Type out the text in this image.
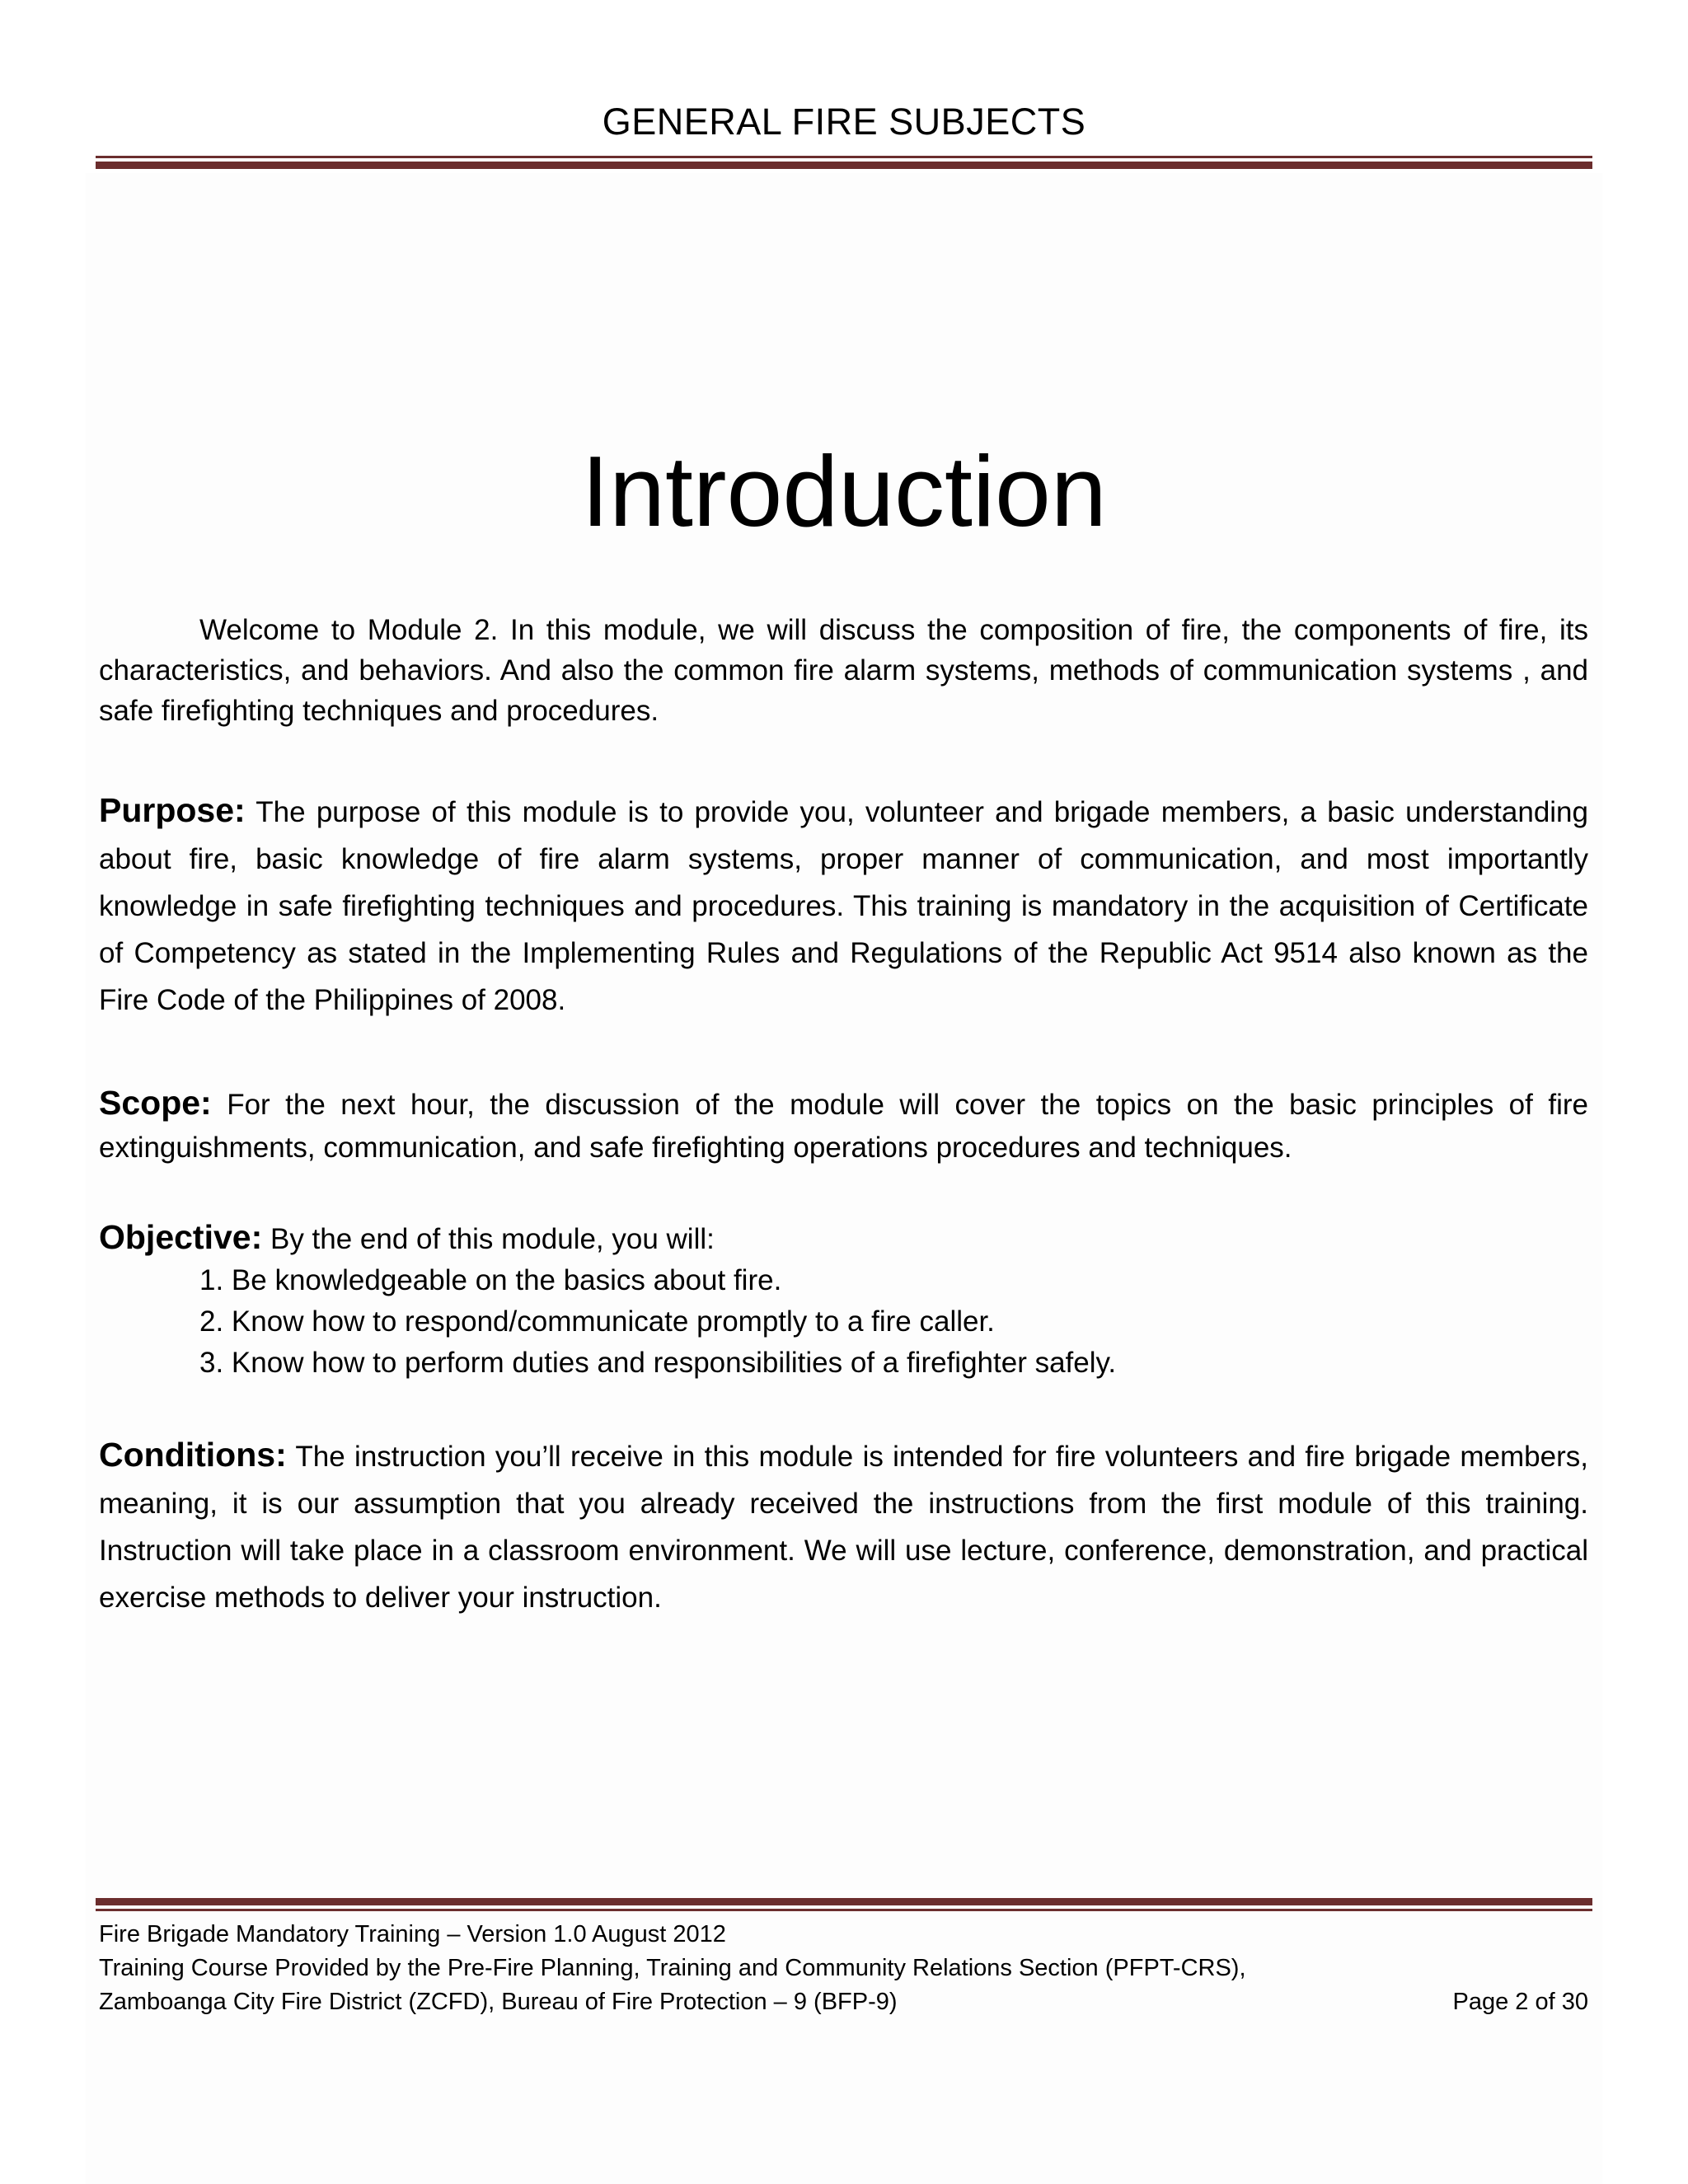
GENERAL FIRE SUBJECTS
Introduction

Welcome to Module 2. In this module, we will discuss the composition of fire, the components of fire, its characteristics, and behaviors. And also the common fire alarm systems, methods of communication systems , and safe firefighting techniques and procedures.

Purpose: The purpose of this module is to provide you, volunteer and brigade members, a basic understanding about fire, basic knowledge of fire alarm systems, proper manner of communication, and most importantly knowledge in safe firefighting techniques and procedures. This training is mandatory in the acquisition of Certificate of Competency as stated in the Implementing Rules and Regulations of the Republic Act 9514 also known as the Fire Code of the Philippines of 2008.

Scope: For the next hour, the discussion of the module will cover the topics on the basic principles of fire extinguishments, communication, and safe firefighting operations procedures and techniques.

Objective: By the end of this module, you will:
1. Be knowledgeable on the basics about fire.
2. Know how to respond/communicate promptly to a fire caller.
3. Know how to perform duties and responsibilities of a firefighter safely.

Conditions: The instruction you’ll receive in this module is intended for fire volunteers and fire brigade members, meaning, it is our assumption that you already received the instructions from the first module of this training. Instruction will take place in a classroom environment. We will use lecture, conference, demonstration, and practical exercise methods to deliver your instruction.

Fire Brigade Mandatory Training – Version 1.0 August 2012
Training Course Provided by the Pre-Fire Planning, Training and Community Relations Section (PFPT-CRS),
Zamboanga City Fire District (ZCFD), Bureau of Fire Protection – 9 (BFP-9)	Page 2 of 30
